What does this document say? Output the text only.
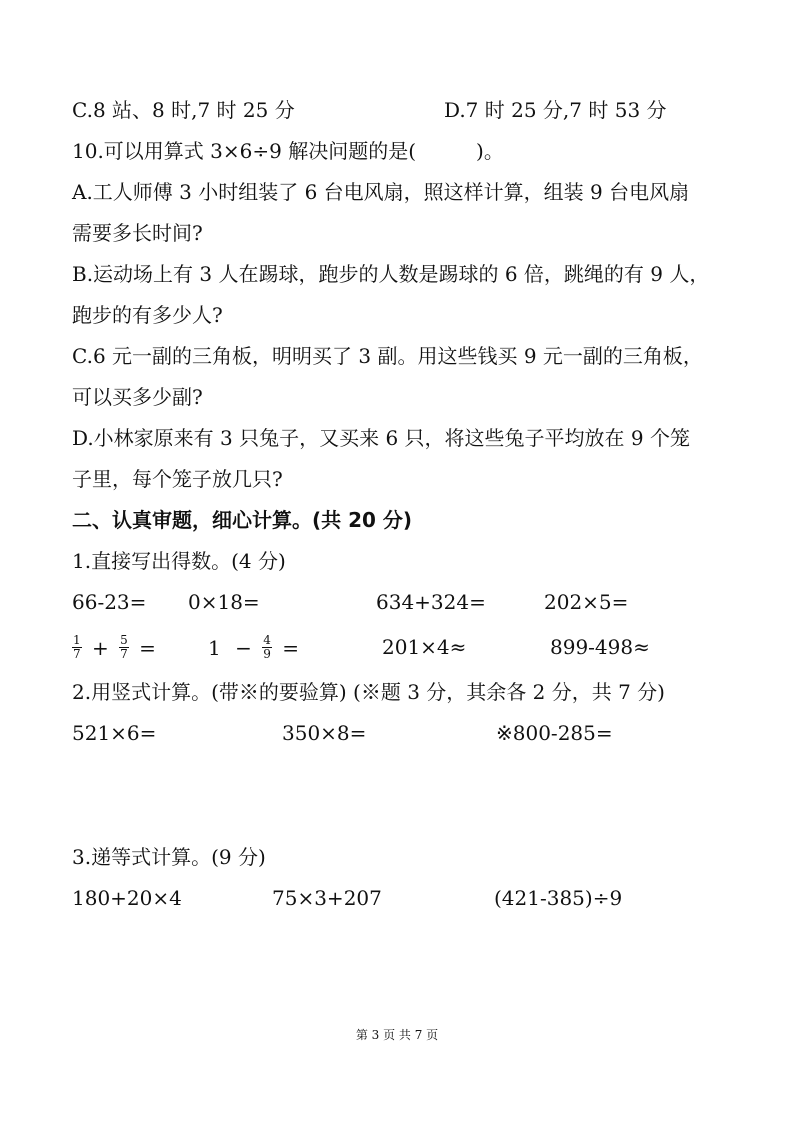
C.8 站、8 时,7 时 25 分	D.7 时 25 分,7 时 53 分
10.可以用算式 3×6÷9 解决问题的是(　　　)。
A.工人师傅 3 小时组装了 6 台电风扇，照这样计算，组装 9 台电风扇
需要多长时间?
B.运动场上有 3 人在踢球，跑步的人数是踢球的 6 倍，跳绳的有 9 人，
跑步的有多少人?
C.6 元一副的三角板，明明买了 3 副。用这些钱买 9 元一副的三角板，
可以买多少副?
D.小林家原来有 3 只兔子，又买来 6 只，将这些兔子平均放在 9 个笼
子里，每个笼子放几只?
二、认真审题，细心计算。(共 20 分)
1.直接写出得数。(4 分)
66-23= 0×18=	634+324=	202×5=
$\frac{1}{7} + \frac{5}{7}$ =	$1 - \frac{4}{9}$ =	201×4≈	899-498≈
2.用竖式计算。(带※的要验算) (※题 3 分，其余各 2 分，共 7 分)
521×6=	350×8=	※800-285=
3.递等式计算。(9 分)
180+20×4	75×3+207	(421-385)÷9
第 3 页 共 7 页
